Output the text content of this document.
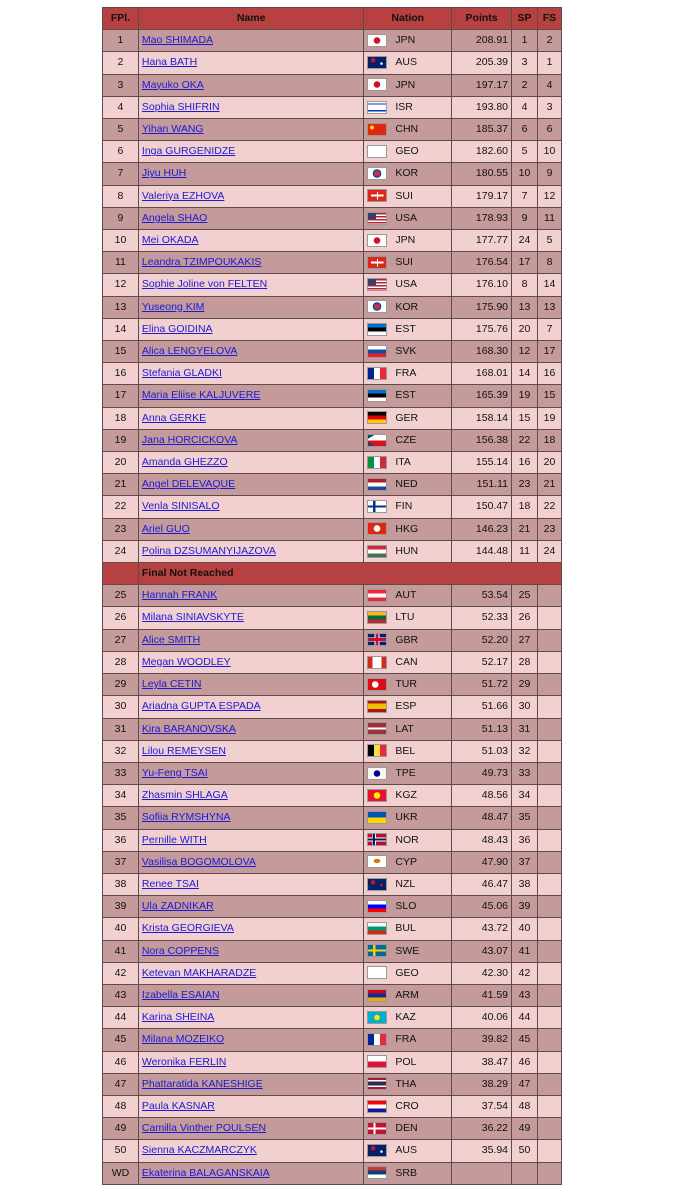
FPl.	Name	Nation	Points	SP	FS
1	Mao SHIMADA	JPN	208.91	1	2
2	Hana BATH	AUS	205.39	3	1
3	Mayuko OKA	JPN	197.17	2	4
4	Sophia SHIFRIN	ISR	193.80	4	3
5	Yihan WANG	CHN	185.37	6	6
6	Inga GURGENIDZE	GEO	182.60	5	10
7	Jiyu HUH	KOR	180.55	10	9
8	Valeriya EZHOVA	SUI	179.17	7	12
9	Angela SHAO	USA	178.93	9	11
10	Mei OKADA	JPN	177.77	24	5
11	Leandra TZIMPOUKAKIS	SUI	176.54	17	8
12	Sophie Joline von FELTEN	USA	176.10	8	14
13	Yuseong KIM	KOR	175.90	13	13
14	Elina GOIDINA	EST	175.76	20	7
15	Alica LENGYELOVA	SVK	168.30	12	17
16	Stefania GLADKI	FRA	168.01	14	16
17	Maria Eliise KALJUVERE	EST	165.39	19	15
18	Anna GERKE	GER	158.14	15	19
19	Jana HORCICKOVA	CZE	156.38	22	18
20	Amanda GHEZZO	ITA	155.14	16	20
21	Angel DELEVAQUE	NED	151.11	23	21
22	Venla SINISALO	FIN	150.47	18	22
23	Ariel GUO	HKG	146.23	21	23
24	Polina DZSUMANYIJAZOVA	HUN	144.48	11	24
	Final Not Reached				
25	Hannah FRANK	AUT	53.54	25	
26	Milana SINIAVSKYTE	LTU	52.33	26	
27	Alice SMITH	GBR	52.20	27	
28	Megan WOODLEY	CAN	52.17	28	
29	Leyla CETIN	TUR	51.72	29	
30	Ariadna GUPTA ESPADA	ESP	51.66	30	
31	Kira BARANOVSKA	LAT	51.13	31	
32	Lilou REMEYSEN	BEL	51.03	32	
33	Yu-Feng TSAI	TPE	49.73	33	
34	Zhasmin SHLAGA	KGZ	48.56	34	
35	Sofiia RYMSHYNA	UKR	48.47	35	
36	Pernille WITH	NOR	48.43	36	
37	Vasilisa BOGOMOLOVA	CYP	47.90	37	
38	Renee TSAI	NZL	46.47	38	
39	Ula ZADNIKAR	SLO	45.06	39	
40	Krista GEORGIEVA	BUL	43.72	40	
41	Nora COPPENS	SWE	43.07	41	
42	Ketevan MAKHARADZE	GEO	42.30	42	
43	Izabella ESAIAN	ARM	41.59	43	
44	Karina SHEINA	KAZ	40.06	44	
45	Milana MOZEIKO	FRA	39.82	45	
46	Weronika FERLIN	POL	38.47	46	
47	Phattaratida KANESHIGE	THA	38.29	47	
48	Paula KASNAR	CRO	37.54	48	
49	Camilla Vinther POULSEN	DEN	36.22	49	
50	Sienna KACZMARCZYK	AUS	35.94	50	
WD	Ekaterina BALAGANSKAIA	SRB			
